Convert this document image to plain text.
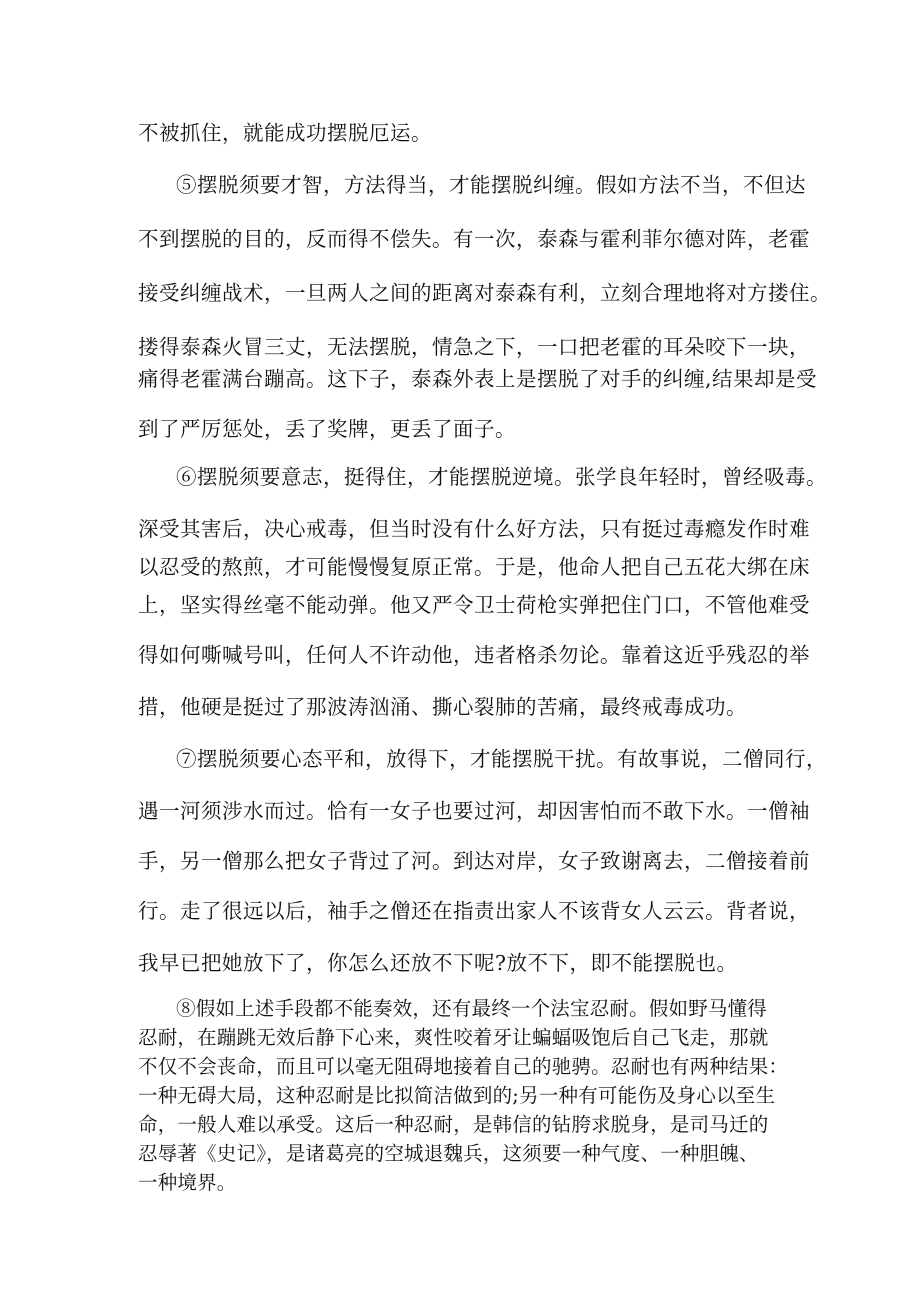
不被抓住，就能成功摆脱厄运。

⑤摆脱须要才智，方法得当，才能摆脱纠缠。假如方法不当，不但达

不到摆脱的目的，反而得不偿失。有一次，泰森与霍利菲尔德对阵，老霍

接受纠缠战术，一旦两人之间的距离对泰森有利，立刻合理地将对方搂住。

搂得泰森火冒三丈，无法摆脱，情急之下，一口把老霍的耳朵咬下一块，

痛得老霍满台蹦高。这下子，泰森外表上是摆脱了对手的纠缠,结果却是受

到了严厉惩处，丢了奖牌，更丢了面子。

⑥摆脱须要意志，挺得住，才能摆脱逆境。张学良年轻时，曾经吸毒。

深受其害后，决心戒毒，但当时没有什么好方法，只有挺过毒瘾发作时难

以忍受的熬煎，才可能慢慢复原正常。于是，他命人把自己五花大绑在床

上，坚实得丝毫不能动弹。他又严令卫士荷枪实弹把住门口，不管他难受

得如何嘶喊号叫，任何人不许动他，违者格杀勿论。靠着这近乎残忍的举

措，他硬是挺过了那波涛汹涌、撕心裂肺的苦痛，最终戒毒成功。

⑦摆脱须要心态平和，放得下，才能摆脱干扰。有故事说，二僧同行，

遇一河须涉水而过。恰有一女子也要过河，却因害怕而不敢下水。一僧袖

手，另一僧那么把女子背过了河。到达对岸，女子致谢离去，二僧接着前

行。走了很远以后，袖手之僧还在指责出家人不该背女人云云。背者说，

我早已把她放下了，你怎么还放不下呢?放不下，即不能摆脱也。

⑧假如上述手段都不能奏效，还有最终一个法宝忍耐。假如野马懂得

忍耐，在蹦跳无效后静下心来，爽性咬着牙让蝙蝠吸饱后自己飞走，那就

不仅不会丧命，而且可以毫无阻碍地接着自己的驰骋。忍耐也有两种结果：

一种无碍大局，这种忍耐是比拟简洁做到的;另一种有可能伤及身心以至生

命，一般人难以承受。这后一种忍耐，是韩信的钻胯求脱身，是司马迁的

忍辱著《史记》，是诸葛亮的空城退魏兵，这须要一种气度、一种胆魄、

一种境界。
